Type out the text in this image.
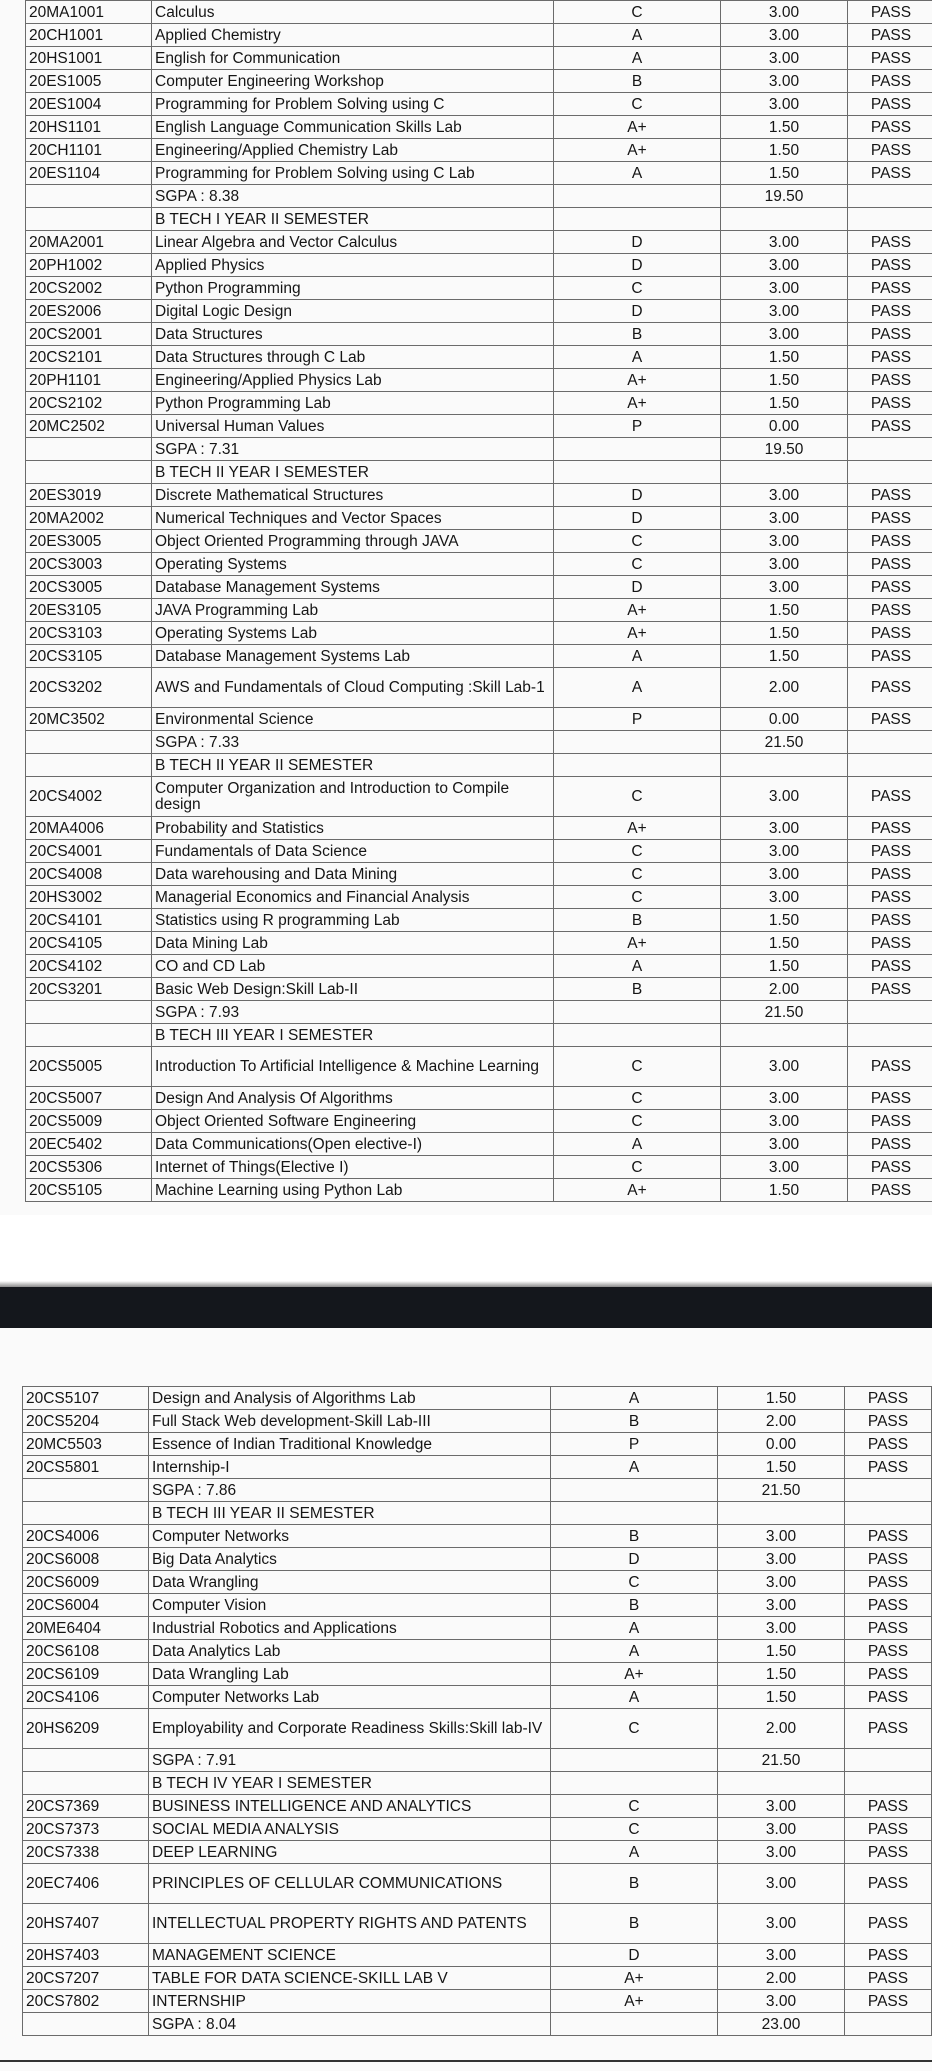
20MA1001	Calculus	C	3.00	PASS
20CH1001	Applied Chemistry	A	3.00	PASS
20HS1001	English for Communication	A	3.00	PASS
20ES1005	Computer Engineering Workshop	B	3.00	PASS
20ES1004	Programming for Problem Solving using C	C	3.00	PASS
20HS1101	English Language Communication Skills Lab	A+	1.50	PASS
20CH1101	Engineering/Applied Chemistry Lab	A+	1.50	PASS
20ES1104	Programming for Problem Solving using C Lab	A	1.50	PASS
	SGPA : 8.38		19.50	
	B TECH I YEAR II SEMESTER			
20MA2001	Linear Algebra and Vector Calculus	D	3.00	PASS
20PH1002	Applied Physics	D	3.00	PASS
20CS2002	Python Programming	C	3.00	PASS
20ES2006	Digital Logic Design	D	3.00	PASS
20CS2001	Data Structures	B	3.00	PASS
20CS2101	Data Structures through C Lab	A	1.50	PASS
20PH1101	Engineering/Applied Physics Lab	A+	1.50	PASS
20CS2102	Python Programming Lab	A+	1.50	PASS
20MC2502	Universal Human Values	P	0.00	PASS
	SGPA : 7.31		19.50	
	B TECH II YEAR I SEMESTER			
20ES3019	Discrete Mathematical Structures	D	3.00	PASS
20MA2002	Numerical Techniques and Vector Spaces	D	3.00	PASS
20ES3005	Object Oriented Programming through JAVA	C	3.00	PASS
20CS3003	Operating Systems	C	3.00	PASS
20CS3005	Database Management Systems	D	3.00	PASS
20ES3105	JAVA Programming Lab	A+	1.50	PASS
20CS3103	Operating Systems Lab	A+	1.50	PASS
20CS3105	Database Management Systems Lab	A	1.50	PASS
20CS3202	AWS and Fundamentals of Cloud Computing :Skill Lab-1	A	2.00	PASS
20MC3502	Environmental Science	P	0.00	PASS
	SGPA : 7.33		21.50	
	B TECH II YEAR II SEMESTER			
20CS4002	Computer Organization and Introduction to Compile design	C	3.00	PASS
20MA4006	Probability and Statistics	A+	3.00	PASS
20CS4001	Fundamentals of Data Science	C	3.00	PASS
20CS4008	Data warehousing and Data Mining	C	3.00	PASS
20HS3002	Managerial Economics and Financial Analysis	C	3.00	PASS
20CS4101	Statistics using R programming Lab	B	1.50	PASS
20CS4105	Data Mining Lab	A+	1.50	PASS
20CS4102	CO and CD Lab	A	1.50	PASS
20CS3201	Basic Web Design:Skill Lab-II	B	2.00	PASS
	SGPA : 7.93		21.50	
	B TECH III YEAR I SEMESTER			
20CS5005	Introduction To Artificial Intelligence & Machine Learning	C	3.00	PASS
20CS5007	Design And Analysis Of Algorithms	C	3.00	PASS
20CS5009	Object Oriented Software Engineering	C	3.00	PASS
20EC5402	Data Communications(Open elective-I)	A	3.00	PASS
20CS5306	Internet of Things(Elective I)	C	3.00	PASS
20CS5105	Machine Learning using Python Lab	A+	1.50	PASS
20CS5107	Design and Analysis of Algorithms Lab	A	1.50	PASS
20CS5204	Full Stack Web development-Skill Lab-III	B	2.00	PASS
20MC5503	Essence of Indian Traditional Knowledge	P	0.00	PASS
20CS5801	Internship-I	A	1.50	PASS
	SGPA : 7.86		21.50	
	B TECH III YEAR II SEMESTER			
20CS4006	Computer Networks	B	3.00	PASS
20CS6008	Big Data Analytics	D	3.00	PASS
20CS6009	Data Wrangling	C	3.00	PASS
20CS6004	Computer Vision	B	3.00	PASS
20ME6404	Industrial Robotics and Applications	A	3.00	PASS
20CS6108	Data Analytics Lab	A	1.50	PASS
20CS6109	Data Wrangling Lab	A+	1.50	PASS
20CS4106	Computer Networks Lab	A	1.50	PASS
20HS6209	Employability and Corporate Readiness Skills:Skill lab-IV	C	2.00	PASS
	SGPA : 7.91		21.50	
	B TECH IV YEAR I SEMESTER			
20CS7369	BUSINESS INTELLIGENCE AND ANALYTICS	C	3.00	PASS
20CS7373	SOCIAL MEDIA ANALYSIS	C	3.00	PASS
20CS7338	DEEP LEARNING	A	3.00	PASS
20EC7406	PRINCIPLES OF CELLULAR COMMUNICATIONS	B	3.00	PASS
20HS7407	INTELLECTUAL PROPERTY RIGHTS AND PATENTS	B	3.00	PASS
20HS7403	MANAGEMENT SCIENCE	D	3.00	PASS
20CS7207	TABLE FOR DATA SCIENCE-SKILL LAB V	A+	2.00	PASS
20CS7802	INTERNSHIP	A+	3.00	PASS
	SGPA : 8.04		23.00	
